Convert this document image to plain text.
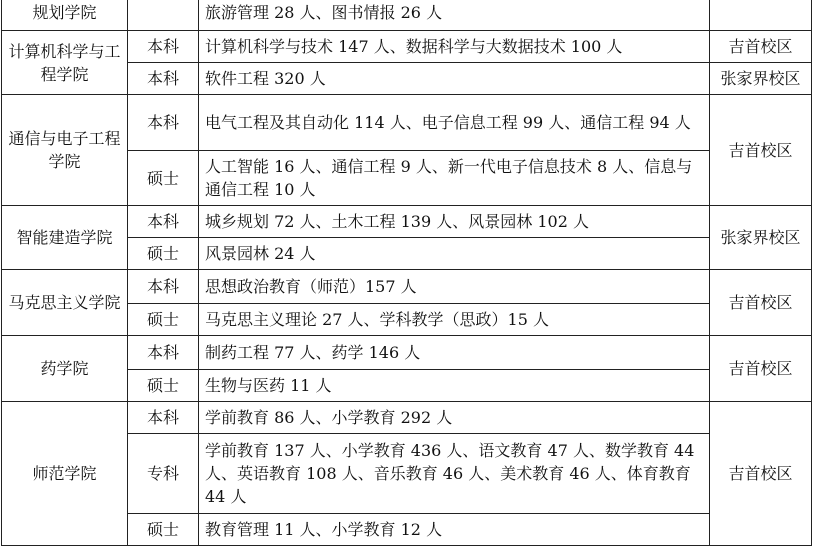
规划学院		旅游管理 28 人、图书情报 26 人	
计算机科学与工程学院	本科	计算机科学与技术 147 人、数据科学与大数据技术 100 人	吉首校区
	本科	软件工程 320 人	张家界校区
通信与电子工程学院	本科	电气工程及其自动化 114 人、电子信息工程 99 人、通信工程 94 人	吉首校区
	硕士	人工智能 16 人、通信工程 9 人、新一代电子信息技术 8 人、信息与通信工程 10 人	
智能建造学院	本科	城乡规划 72 人、土木工程 139 人、风景园林 102 人	张家界校区
	硕士	风景园林 24 人	
马克思主义学院	本科	思想政治教育（师范）157 人	吉首校区
	硕士	马克思主义理论 27 人、学科教学（思政）15 人	
药学院	本科	制药工程 77 人、药学 146 人	吉首校区
	硕士	生物与医药 11 人	
师范学院	本科	学前教育 86 人、小学教育 292 人	吉首校区
	专科	学前教育 137 人、小学教育 436 人、语文教育 47 人、数学教育 44 人、英语教育 108 人、音乐教育 46 人、美术教育 46 人、体育教育 44 人	
	硕士	教育管理 11 人、小学教育 12 人	
